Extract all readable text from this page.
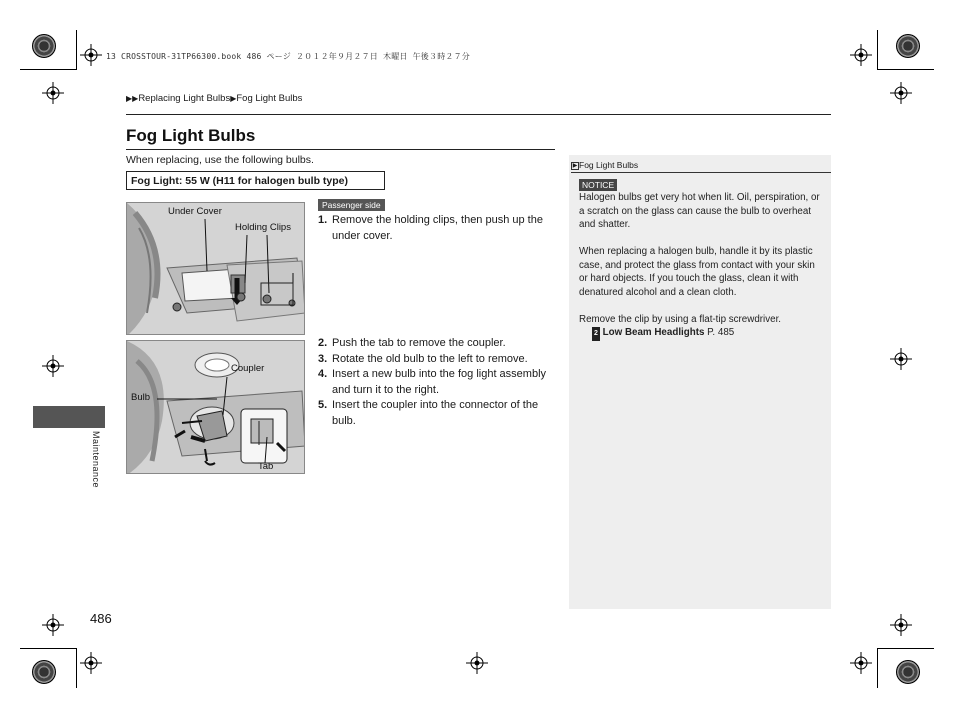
13 CROSSTOUR-31TP66300.book 486 ページ ２０１２年９月２７日 木曜日 午後３時２７分
▶▶Replacing Light Bulbs▶Fog Light Bulbs
Fog Light Bulbs
When replacing, use the following bulbs.
Fog Light: 55 W (H11 for halogen bulb type)
Under Cover
Holding Clips
Coupler
Bulb
Tab
Passenger side
1. Remove the holding clips, then push up the under cover.
2. Push the tab to remove the coupler.
3. Rotate the old bulb to the left to remove.
4. Insert a new bulb into the fog light assembly and turn it to the right.
5. Insert the coupler into the connector of the bulb.
▶ Fog Light Bulbs
NOTICE
Halogen bulbs get very hot when lit. Oil, perspiration, or a scratch on the glass can cause the bulb to overheat and shatter.
When replacing a halogen bulb, handle it by its plastic case, and protect the glass from contact with your skin or hard objects. If you touch the glass, clean it with denatured alcohol and a clean cloth.
Remove the clip by using a flat-tip screwdriver.
2 Low Beam Headlights P. 485
Maintenance
486
